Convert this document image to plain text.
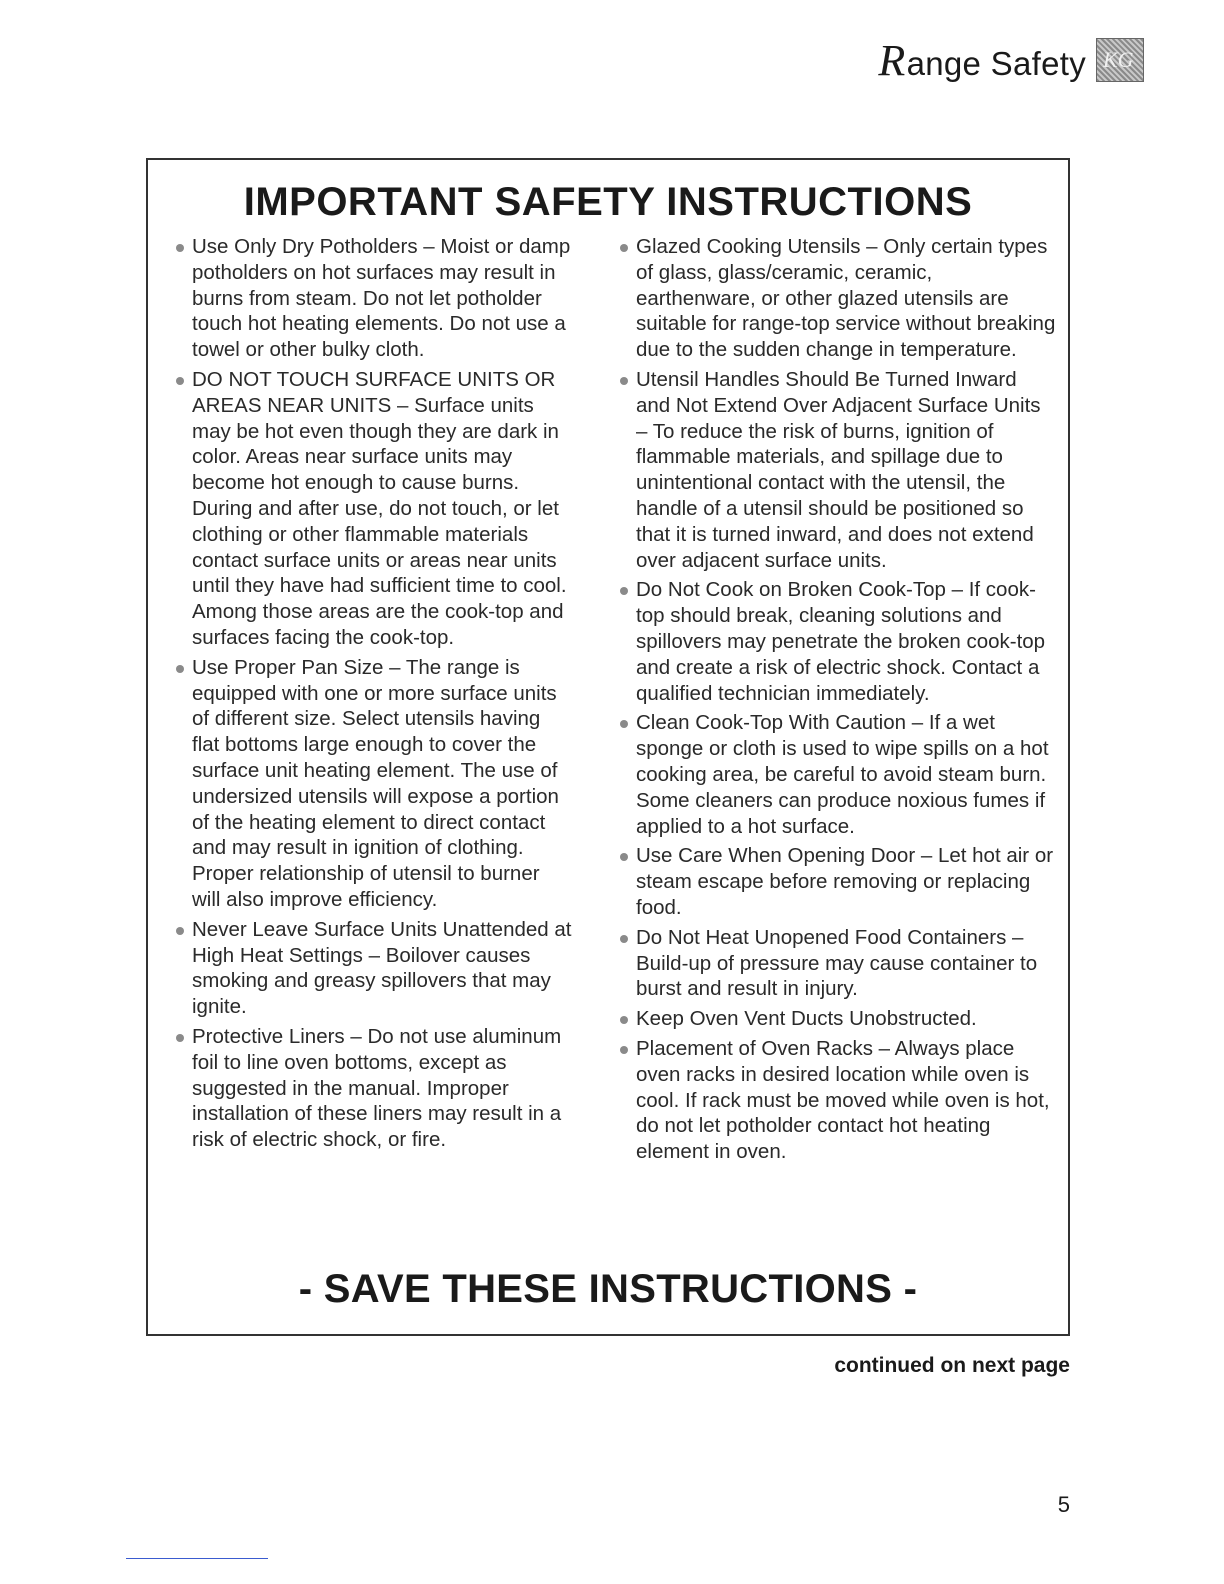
R ange Safety KG
IMPORTANT SAFETY INSTRUCTIONS
Use Only Dry Potholders – Moist or damp potholders on hot surfaces may result in burns from steam. Do not let potholder touch hot heating elements. Do not use a towel or other bulky cloth.
DO NOT TOUCH SURFACE UNITS OR AREAS NEAR UNITS – Surface units may be hot even though they are dark in color. Areas near surface units may become hot enough to cause burns. During and after use, do not touch, or let clothing or other flammable materials contact surface units or areas near units until they have had sufficient time to cool. Among those areas are the cook-top and surfaces facing the cook-top.
Use Proper Pan Size – The range is equipped with one or more surface units of different size. Select utensils having flat bottoms large enough to cover the surface unit heating element. The use of undersized utensils will expose a portion of the heating element to direct contact and may result in ignition of clothing. Proper relationship of utensil to burner will also improve efficiency.
Never Leave Surface Units Unattended at High Heat Settings – Boilover causes smoking and greasy spillovers that may ignite.
Protective Liners – Do not use aluminum foil to line oven bottoms, except as suggested in the manual. Improper installation of these liners may result in a risk of electric shock, or fire.
Glazed Cooking Utensils – Only certain types of glass, glass/ceramic, ceramic, earthenware, or other glazed utensils are suitable for range-top service without breaking due to the sudden change in temperature.
Utensil Handles Should Be Turned Inward and Not Extend Over Adjacent Surface Units – To reduce the risk of burns, ignition of flammable materials, and spillage due to unintentional contact with the utensil, the handle of a utensil should be positioned so that it is turned inward, and does not extend over adjacent surface units.
Do Not Cook on Broken Cook-Top – If cook-top should break, cleaning solutions and spillovers may penetrate the broken cook-top and create a risk of electric shock. Contact a qualified technician immediately.
Clean Cook-Top With Caution – If a wet sponge or cloth is used to wipe spills on a hot cooking area, be careful to avoid steam burn. Some cleaners can produce noxious fumes if applied to a hot surface.
Use Care When Opening Door – Let hot air or steam escape before removing or replacing food.
Do Not Heat Unopened Food Containers – Build-up of pressure may cause container to burst and result in injury.
Keep Oven Vent Ducts Unobstructed.
Placement of Oven Racks – Always place oven racks in desired location while oven is cool. If rack must be moved while oven is hot, do not let potholder contact hot heating element in oven.
- SAVE THESE INSTRUCTIONS -
continued on next page
5
